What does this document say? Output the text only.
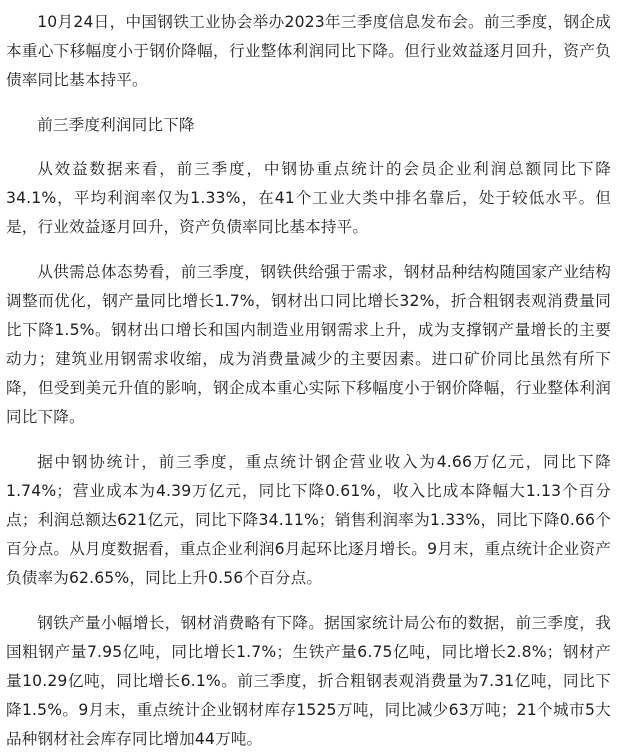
10月24日，中国钢铁工业协会举办2023年三季度信息发布会。前三季度，钢企成本重心下移幅度小于钢价降幅，行业整体利润同比下降。但行业效益逐月回升，资产负债率同比基本持平。

前三季度利润同比下降

从效益数据来看，前三季度，中钢协重点统计的会员企业利润总额同比下降34.1%，平均利润率仅为1.33%，在41个工业大类中排名靠后，处于较低水平。但是，行业效益逐月回升，资产负债率同比基本持平。

从供需总体态势看，前三季度，钢铁供给强于需求，钢材品种结构随国家产业结构调整而优化，钢产量同比增长1.7%，钢材出口同比增长32%，折合粗钢表观消费量同比下降1.5%。钢材出口增长和国内制造业用钢需求上升，成为支撑钢产量增长的主要动力；建筑业用钢需求收缩，成为消费量减少的主要因素。进口矿价同比虽然有所下降，但受到美元升值的影响，钢企成本重心实际下移幅度小于钢价降幅，行业整体利润同比下降。

据中钢协统计，前三季度，重点统计钢企营业收入为4.66万亿元，同比下降1.74%；营业成本为4.39万亿元，同比下降0.61%，收入比成本降幅大1.13个百分点；利润总额达621亿元，同比下降34.11%；销售利润率为1.33%，同比下降0.66个百分点。从月度数据看，重点企业利润6月起环比逐月增长。9月末，重点统计企业资产负债率为62.65%，同比上升0.56个百分点。

钢铁产量小幅增长，钢材消费略有下降。据国家统计局公布的数据，前三季度，我国粗钢产量7.95亿吨，同比增长1.7%；生铁产量6.75亿吨，同比增长2.8%；钢材产量10.29亿吨，同比增长6.1%。前三季度，折合粗钢表观消费量为7.31亿吨，同比下降1.5%。9月末，重点统计企业钢材库存1525万吨，同比减少63万吨；21个城市5大品种钢材社会库存同比增加44万吨。
